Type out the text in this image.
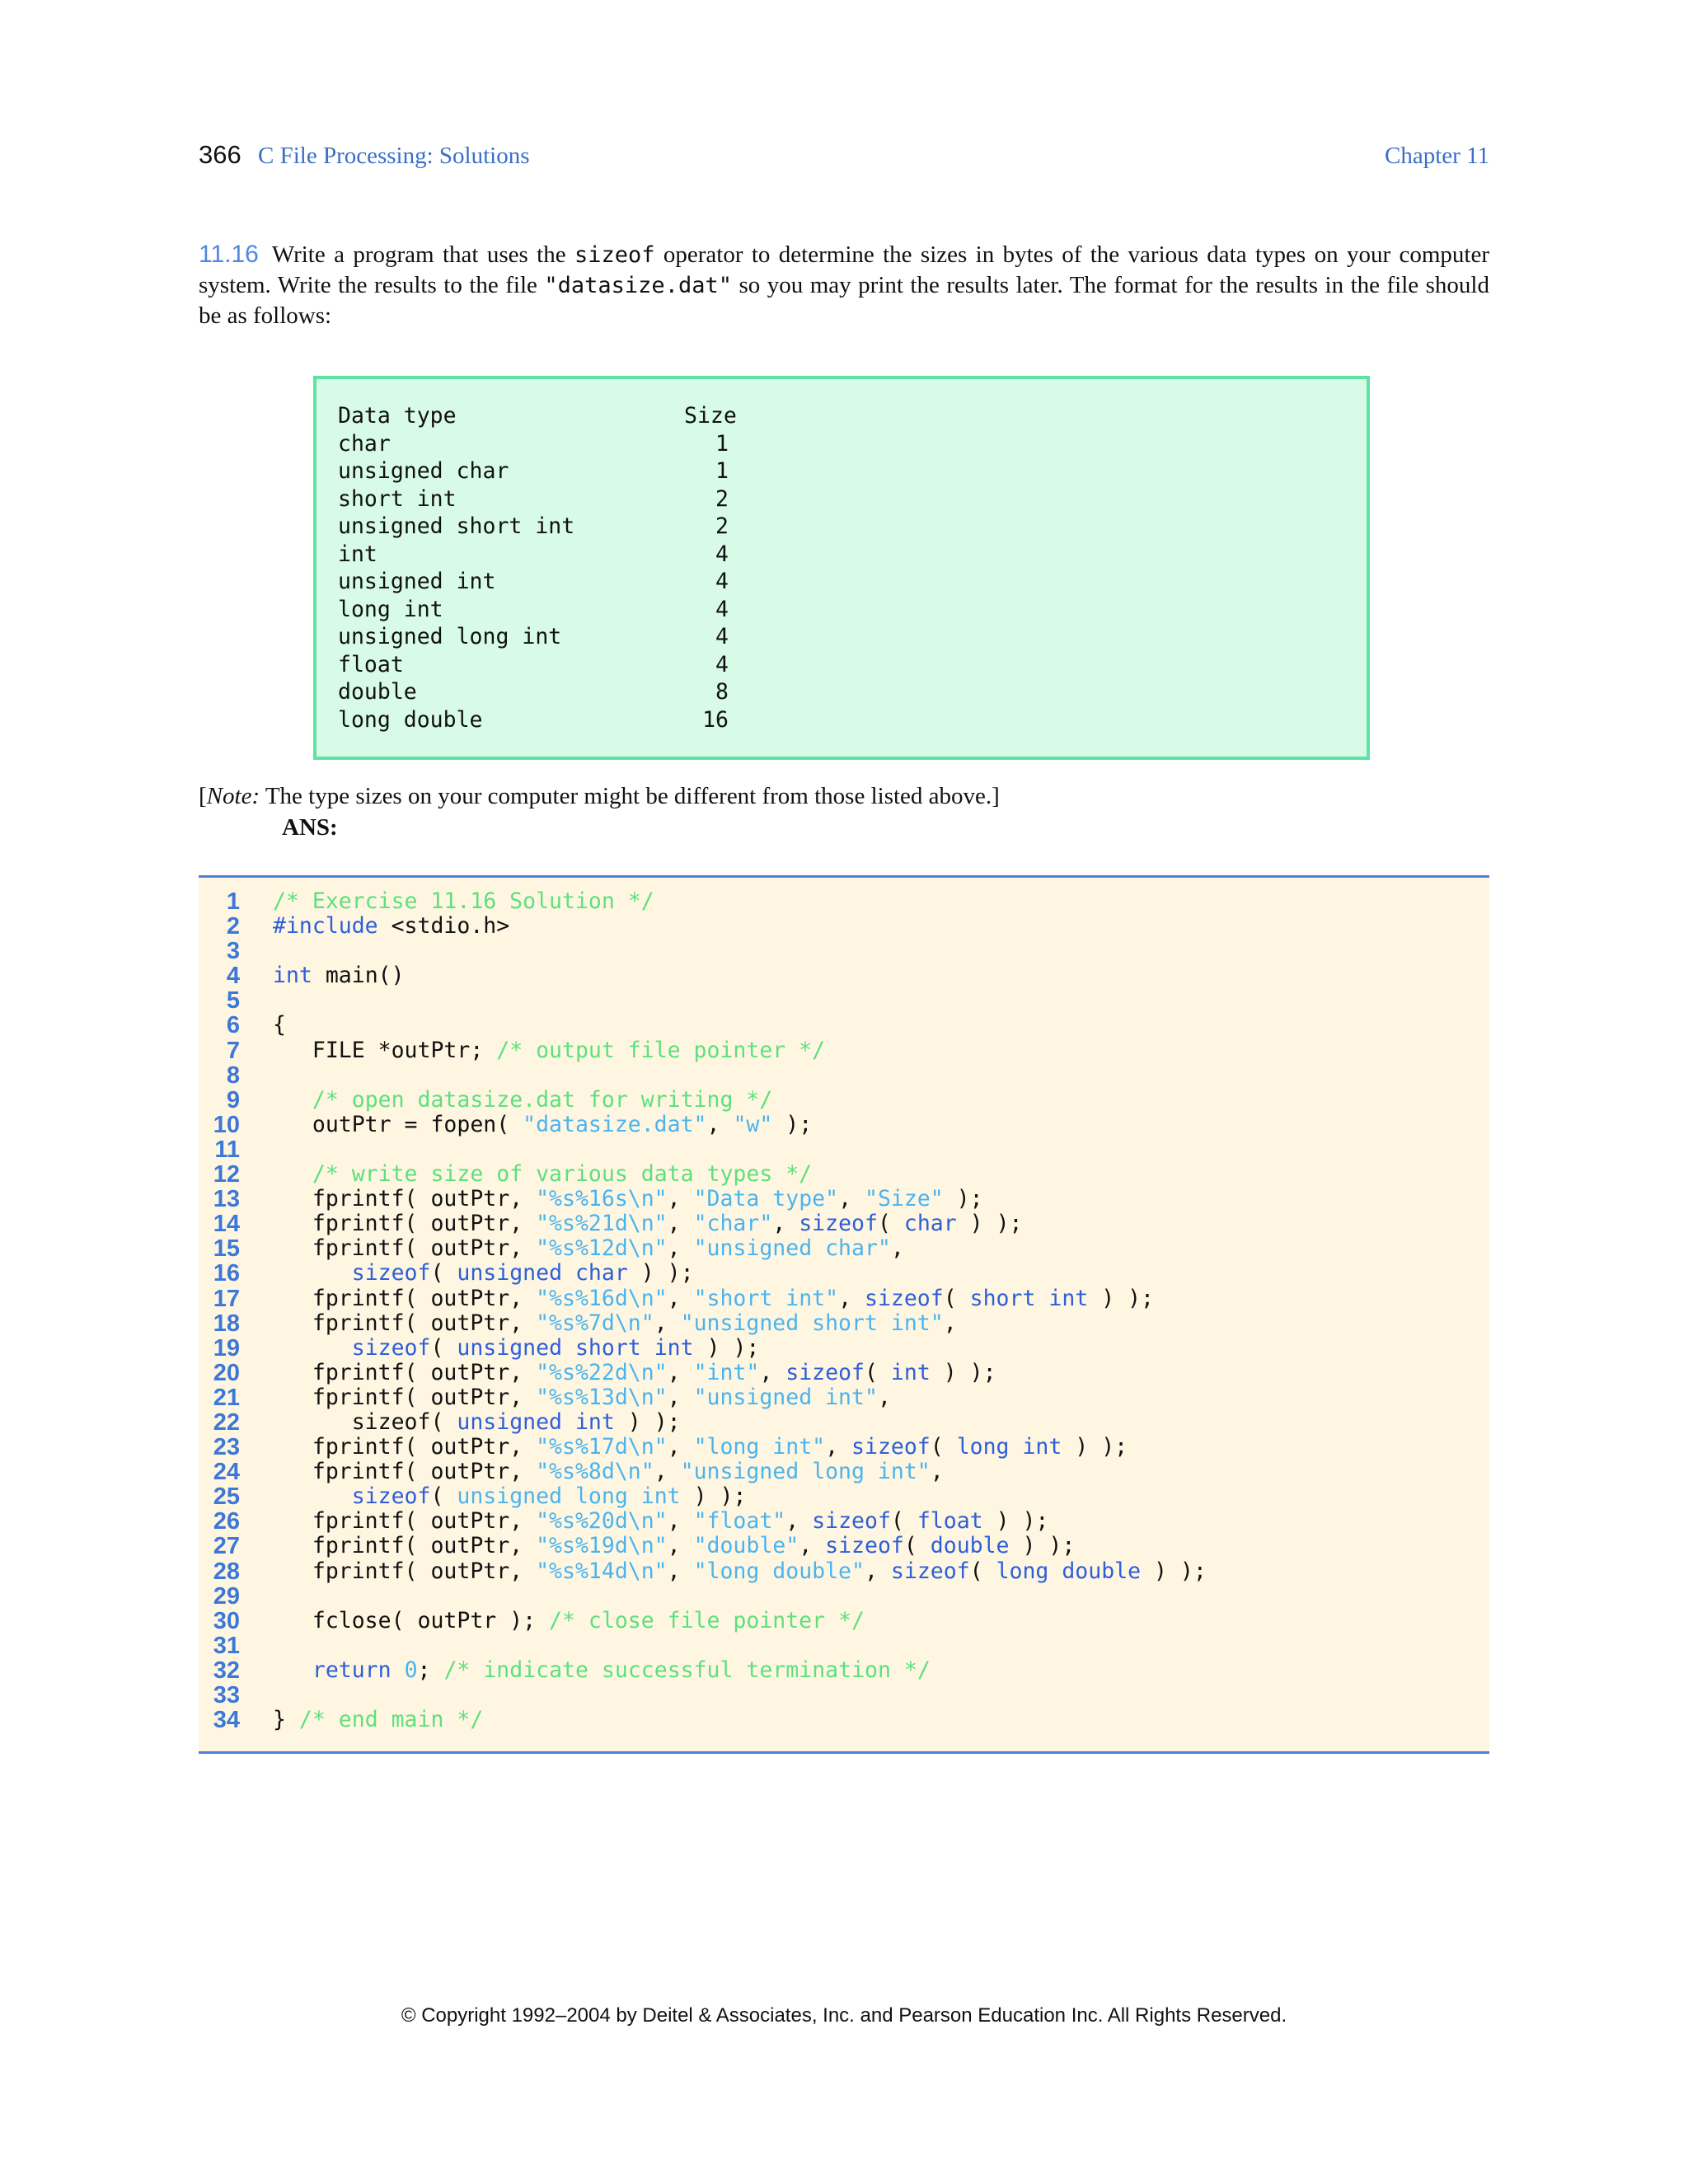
366 C File Processing: Solutions	Chapter 11
11.16 Write a program that uses the sizeof operator to determine the sizes in bytes of the various data types on your computer system. Write the results to the file "datasize.dat" so you may print the results later. The format for the results in the file should be as follows:
Data type	Size
char	1
unsigned char	1
short int	2
unsigned short int	2
int	4
unsigned int	4
long int	4
unsigned long int	4
float	4
double	8
long double	16
[Note: The type sizes on your computer might be different from those listed above.]
ANS:
1 /* Exercise 11.16 Solution */
2 #include <stdio.h>
3
4 int main()
5
6 {
7 FILE *outPtr; /* output file pointer */
8
9	/* open datasize.dat for writing */
10 outPtr = fopen( "datasize.dat", "w" );
11
12	/* write size of various data types */
13 fprintf( outPtr, "%s%16s\n", "Data type", "Size" );
14 fprintf( outPtr, "%s%21d\n", "char", sizeof( char ) );
15 fprintf( outPtr, "%s%12d\n", "unsigned char",
16	sizeof( unsigned char ) );
17 fprintf( outPtr, "%s%16d\n", "short int", sizeof( short int ) );
18 fprintf( outPtr, "%s%7d\n", "unsigned short int",
19	sizeof( unsigned short int ) );
20 fprintf( outPtr, "%s%22d\n", "int", sizeof( int ) );
21 fprintf( outPtr, "%s%13d\n", "unsigned int",
22 sizeof( unsigned int ) );
23 fprintf( outPtr, "%s%17d\n", "long int", sizeof( long int ) );
24 fprintf( outPtr, "%s%8d\n", "unsigned long int",
25	sizeof( unsigned long int ) );
26 fprintf( outPtr, "%s%20d\n", "float", sizeof( float ) );
27 fprintf( outPtr, "%s%19d\n", "double", sizeof( double ) );
28 fprintf( outPtr, "%s%14d\n", "long double", sizeof( long double ) );
29
30 fclose( outPtr ); /* close file pointer */
31
32	return 0; /* indicate successful termination */
33
34 } /* end main */
© Copyright 1992–2004 by Deitel & Associates, Inc. and Pearson Education Inc. All Rights Reserved.
